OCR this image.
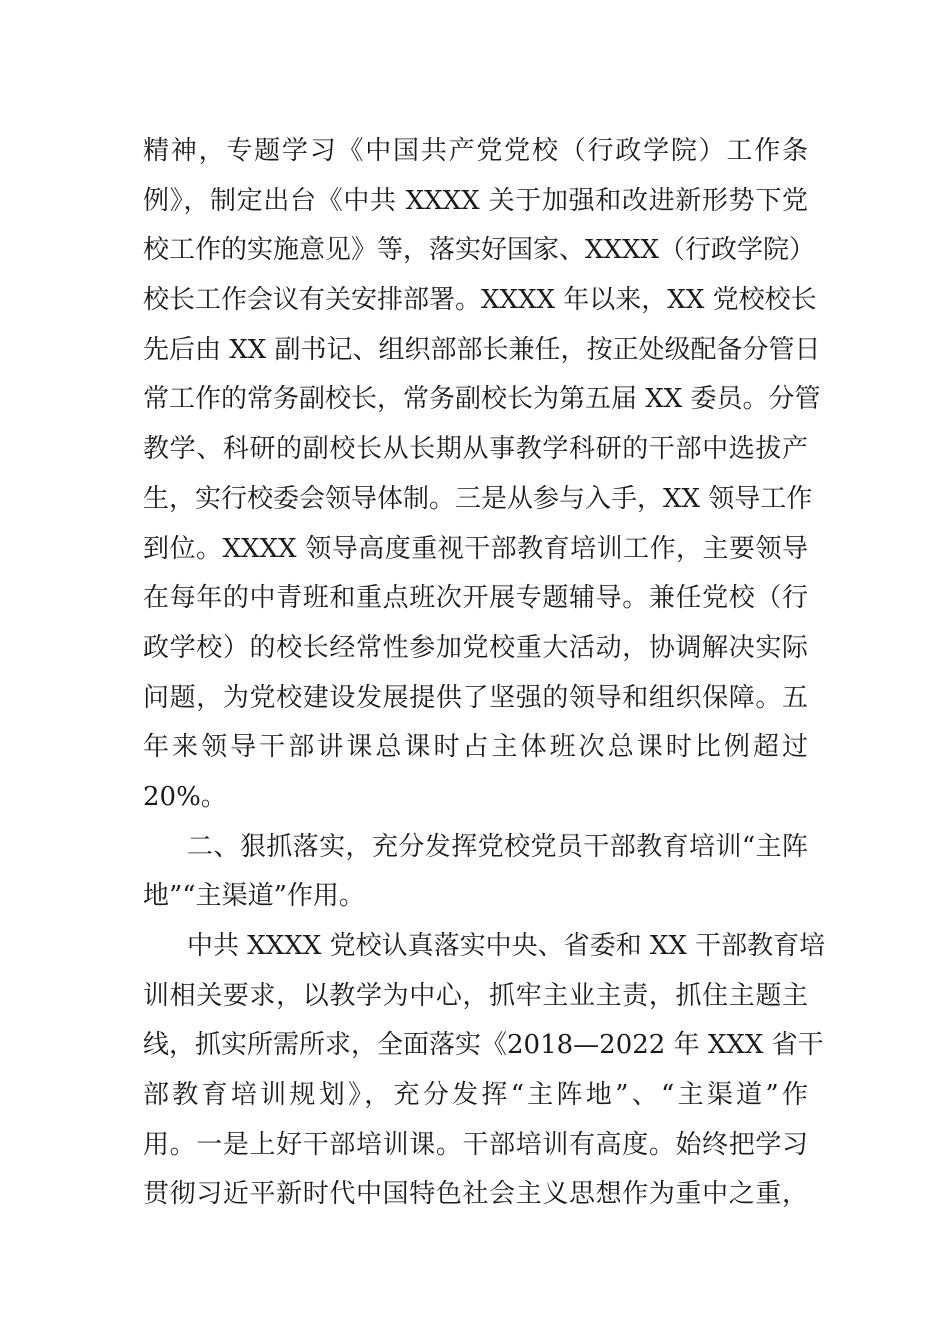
精神，专题学习《中国共产党党校（行政学院）工作条
例》，制定出台《中共 XXXX 关于加强和改进新形势下党
校工作的实施意见》等，落实好国家、XXXX（行政学院）
校长工作会议有关安排部署。XXXX 年以来，XX 党校校长
先后由 XX 副书记、组织部部长兼任，按正处级配备分管日
常工作的常务副校长，常务副校长为第五届 XX 委员。分管
教学、科研的副校长从长期从事教学科研的干部中选拔产
生，实行校委会领导体制。三是从参与入手，XX 领导工作
到位。XXXX 领导高度重视干部教育培训工作，主要领导
在每年的中青班和重点班次开展专题辅导。兼任党校（行
政学校）的校长经常性参加党校重大活动，协调解决实际
问题，为党校建设发展提供了坚强的领导和组织保障。五
年来领导干部讲课总课时占主体班次总课时比例超过
20%。
二、狠抓落实，充分发挥党校党员干部教育培训“主阵
地”“主渠道”作用。
中共 XXXX 党校认真落实中央、省委和 XX 干部教育培
训相关要求，以教学为中心，抓牢主业主责，抓住主题主
线，抓实所需所求，全面落实《2018—2022 年 XXX 省干
部教育培训规划》，充分发挥“主阵地”、“主渠道”作
用。一是上好干部培训课。干部培训有高度。始终把学习
贯彻习近平新时代中国特色社会主义思想作为重中之重，
